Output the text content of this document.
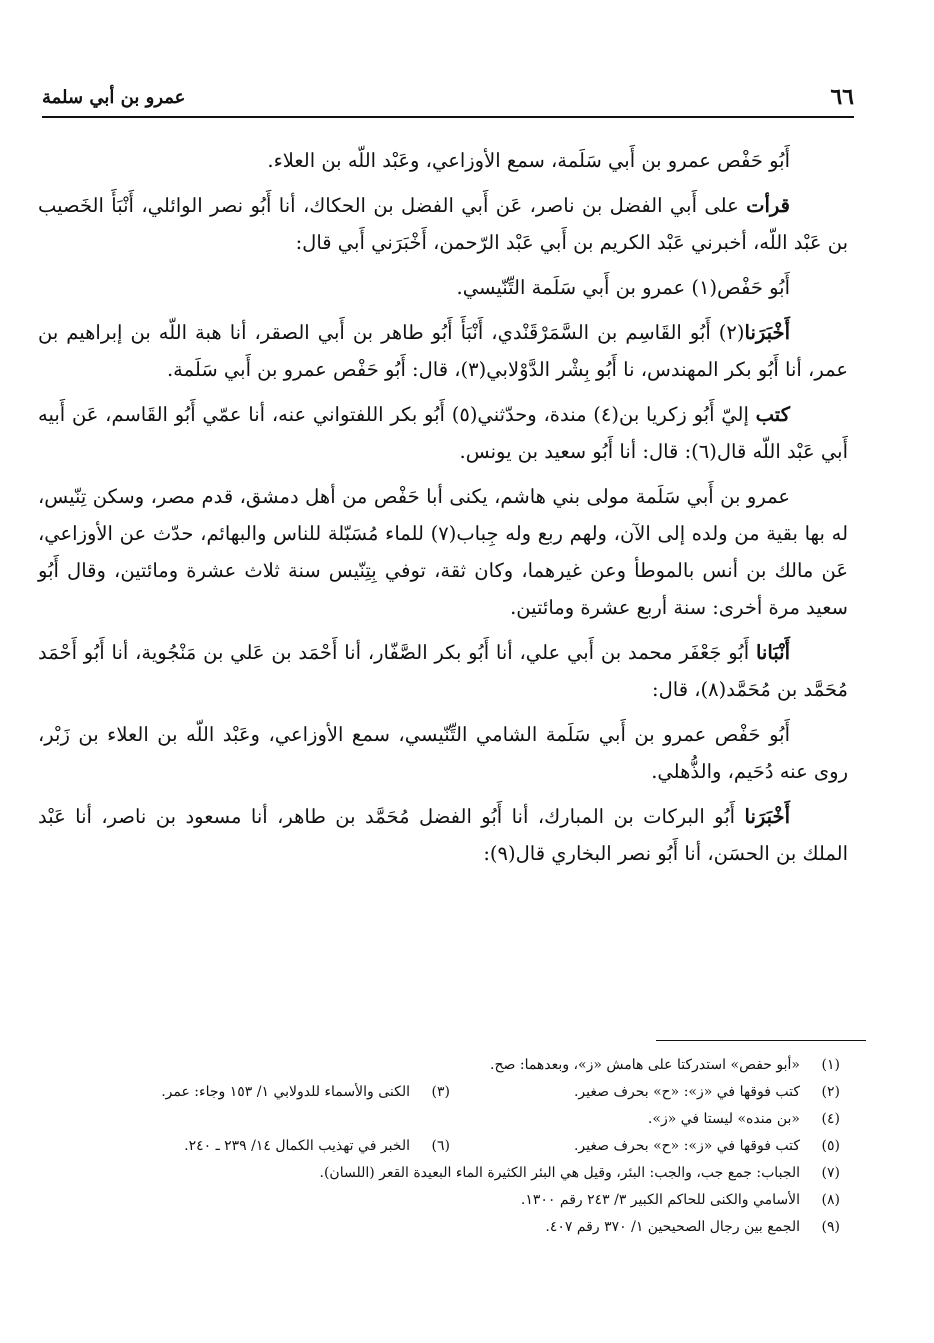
٦٦
عمرو بن أبي سلمة

أَبُو حَفْص عمرو بن أَبي سَلَمة، سمع الأوزاعي، وعَبْد اللّه بن العلاء.

قرأت على أَبي الفضل بن ناصر، عَن أَبي الفضل بن الحكاك، أنا أَبُو نصر الوائلي، أَنْبَأَ الخَصيب بن عَبْد اللّه، أخبرني عَبْد الكريم بن أَبي عَبْد الرّحمن، أَخْبَرَني أَبي قال:

أَبُو حَفْص(١) عمرو بن أَبي سَلَمة التِّنّيسي.

أَخْبَرَنا(٢) أَبُو القَاسِم بن السَّمَرْقَنْدي، أَنْبَأَ أَبُو طاهر بن أَبي الصقر، أنا هبة اللّه بن إبراهيم بن عمر، أنا أَبُو بكر المهندس، نا أَبُو بِشْر الدَّوْلابي(٣)، قال: أَبُو حَفْص عمرو بن أَبي سَلَمة.

كتب إليّ أَبُو زكريا بن(٤) مندة، وحدّثني(٥) أَبُو بكر اللفتواني عنه، أنا عمّي أَبُو القَاسم، عَن أَبيه أَبي عَبْد اللّه قال(٦): قال: أنا أَبُو سعيد بن يونس.

عمرو بن أَبي سَلَمة مولى بني هاشم، يكنى أبا حَفْص من أهل دمشق، قدم مصر، وسكن تِنّيس، له بها بقية من ولده إلى الآن، ولهم ربع وله جِباب(٧) للماء مُسَبّلة للناس والبهائم، حدّث عن الأوزاعي، عَن مالك بن أنس بالموطأ وعن غيرهما، وكان ثقة، توفي بِتِنّيس سنة ثلاث عشرة ومائتين، وقال أَبُو سعيد مرة أخرى: سنة أربع عشرة ومائتين.

أَنْبَانا أَبُو جَعْفَر محمد بن أَبي علي، أنا أَبُو بكر الصَّفّار، أنا أَحْمَد بن عَلي بن مَنْجُوية، أنا أَبُو أَحْمَد مُحَمَّد بن مُحَمَّد(٨)، قال:

أَبُو حَفْص عمرو بن أَبي سَلَمة الشامي التِّنّيسي، سمع الأوزاعي، وعَبْد اللّه بن العلاء بن زَبْر، روى عنه دُحَيم، والذُّهلي.

أَخْبَرَنا أَبُو البركات بن المبارك، أنا أَبُو الفضل مُحَمَّد بن طاهر، أنا مسعود بن ناصر، أنا عَبْد الملك بن الحسَن، أنا أَبُو نصر البخاري قال(٩):

(١)
«أبو حفص» استدركتا على هامش «ز»، وبعدهما: صح.
(٢)
كتب فوقها في «ز»: «ح» بحرف صغير.
(٣)
الكنى والأسماء للدولابي ١/ ١٥٣ وجاء: عمر.
(٤)
«بن منده» ليستا في «ز».
(٥)
كتب فوقها في «ز»: «ح» بحرف صغير.
(٦)
الخبر في تهذيب الكمال ١٤/ ٢٣٩ ـ ٢٤٠.
(٧)
الجباب: جمع جب، والجب: البئر، وقيل هي البئر الكثيرة الماء البعيدة القعر (اللسان).
(٨)
الأسامي والكنى للحاكم الكبير ٣/ ٢٤٣ رقم ١٣٠٠.
(٩)
الجمع بين رجال الصحيحين ١/ ٣٧٠ رقم ٤٠٧.
